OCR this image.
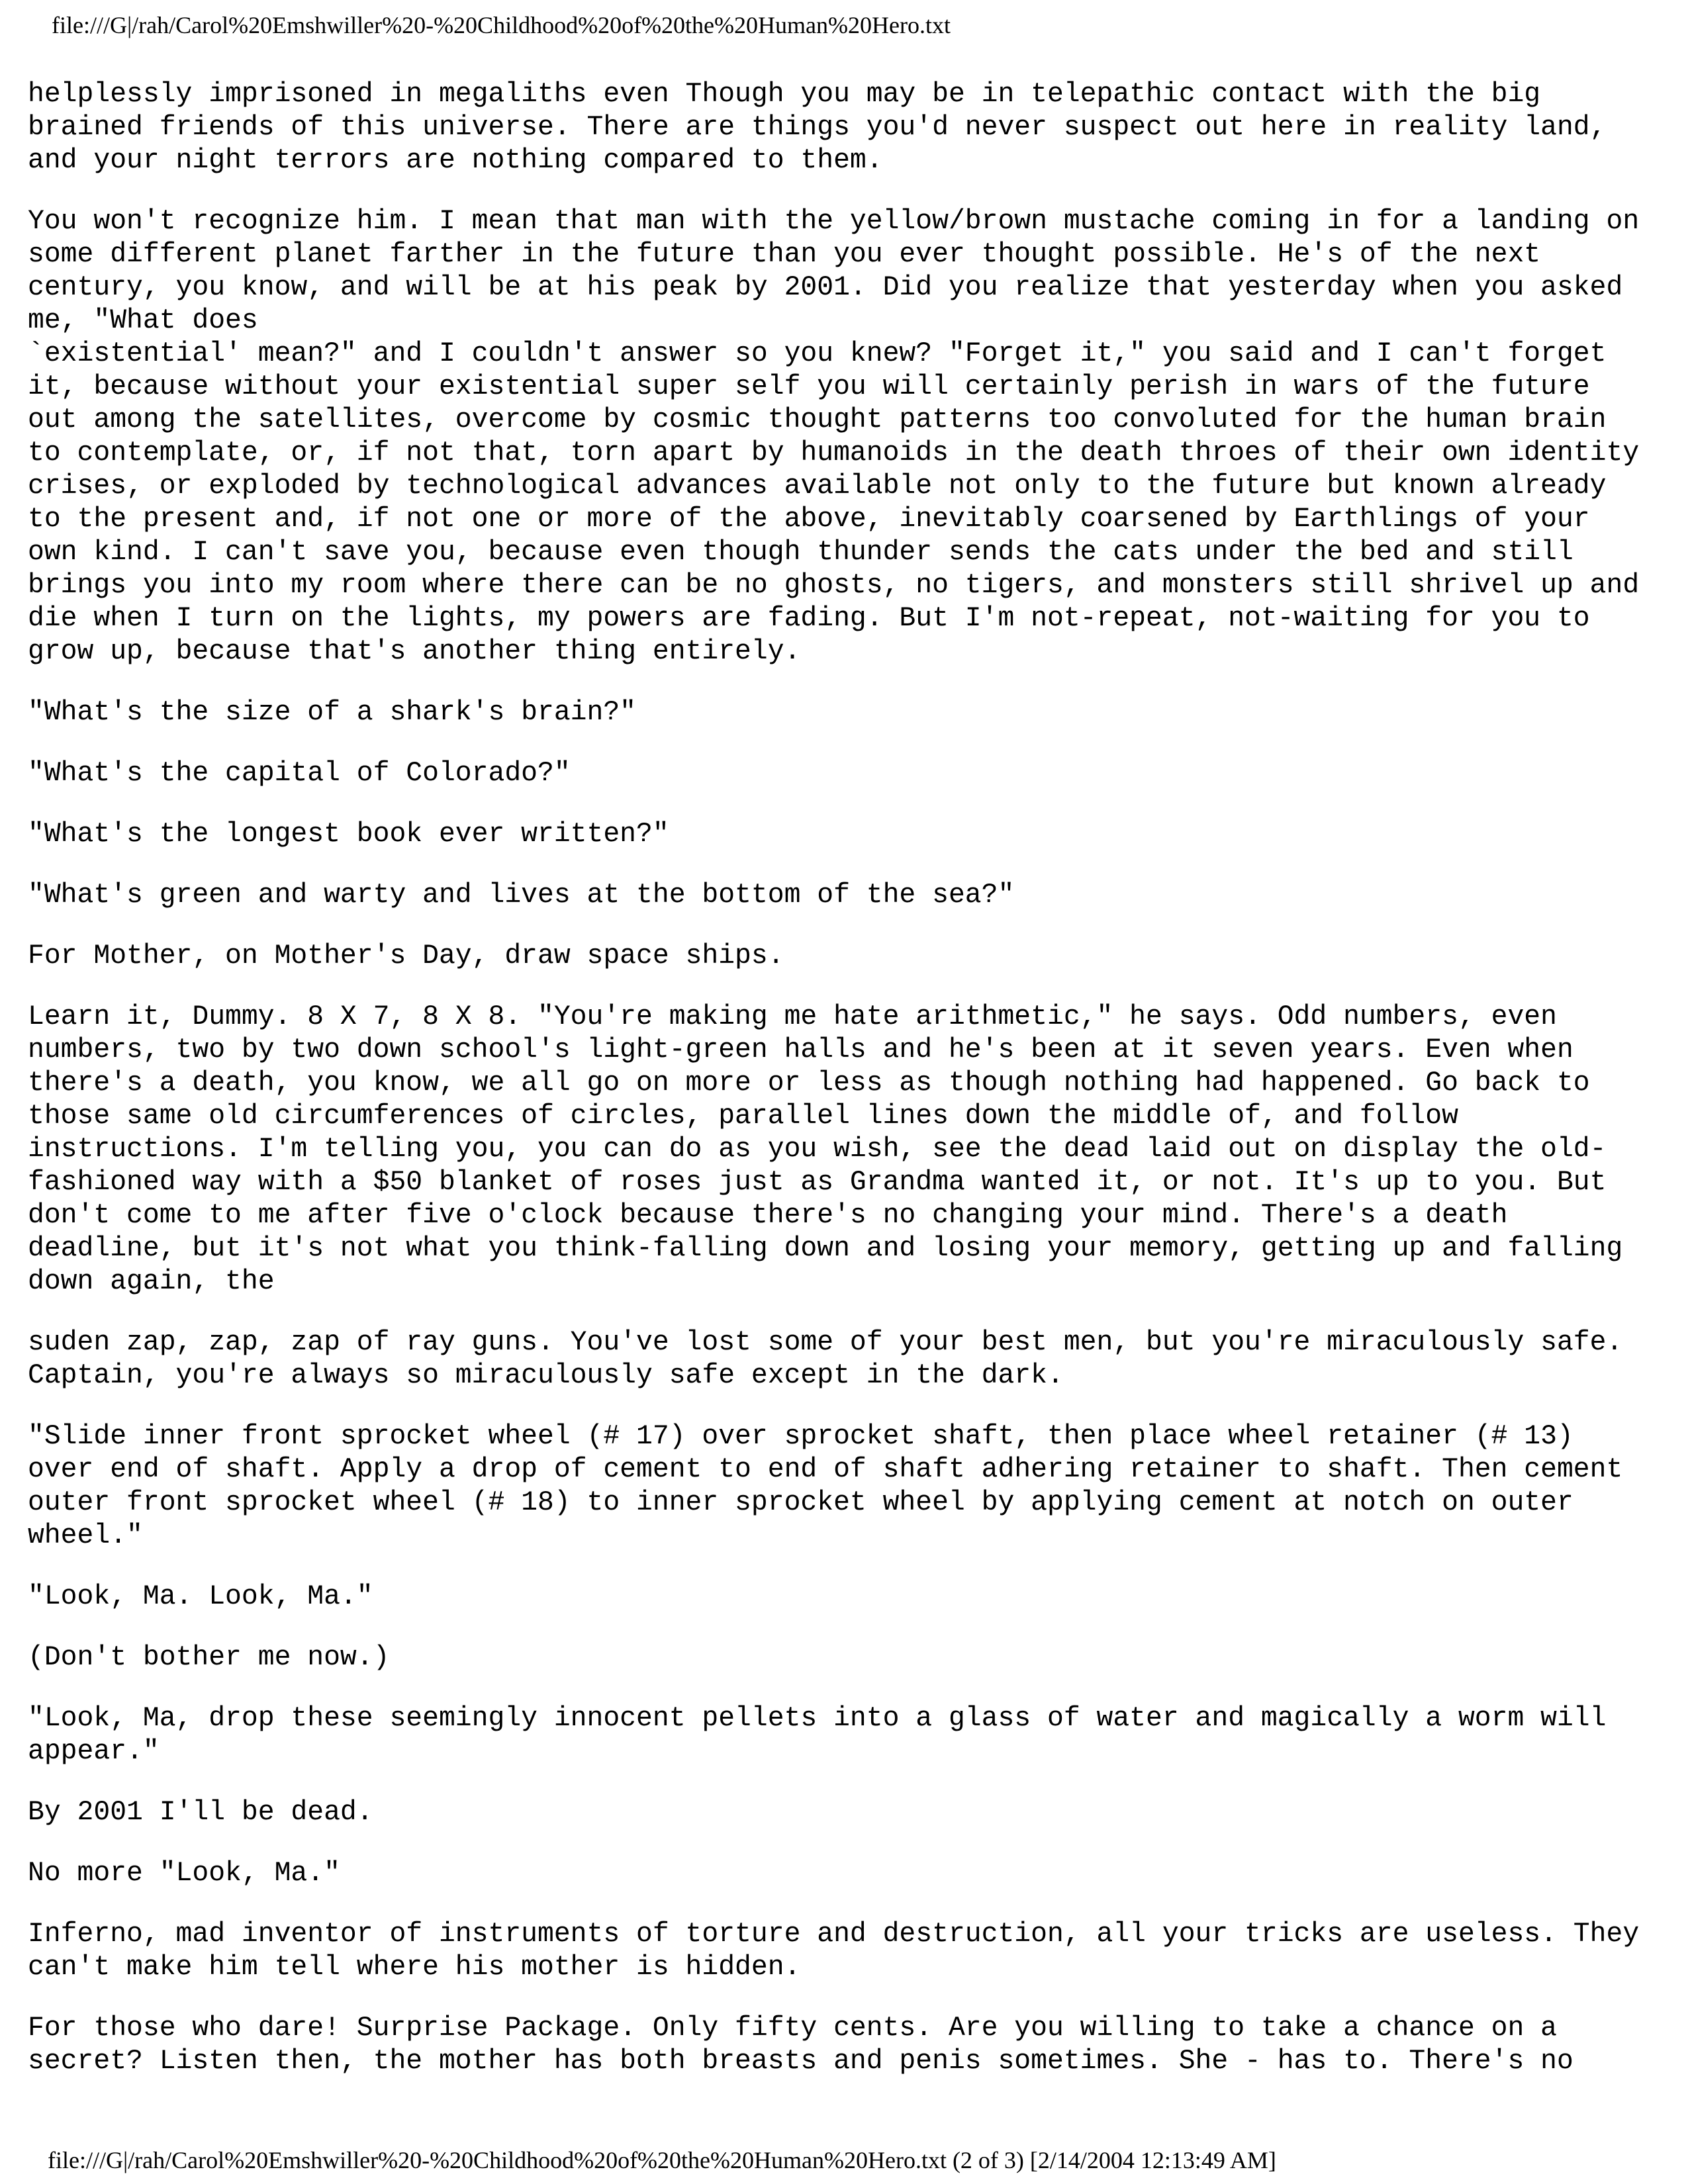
file:///G|/rah/Carol%20Emshwiller%20-%20Childhood%20of%20the%20Human%20Hero.txt
helplessly imprisoned in megaliths even Though you may be in telepathic contact with the big
brained friends of this universe. There are things you'd never suspect out here in reality land,
and your night terrors are nothing compared to them.
You won't recognize him. I mean that man with the yellow/brown mustache coming in for a landing on
some different planet farther in the future than you ever thought possible. He's of the next
century, you know, and will be at his peak by 2001. Did you realize that yesterday when you asked
me, "What does
`existential' mean?" and I couldn't answer so you knew? "Forget it," you said and I can't forget
it, because without your existential super self you will certainly perish in wars of the future
out among the satellites, overcome by cosmic thought patterns too convoluted for the human brain
to contemplate, or, if not that, torn apart by humanoids in the death throes of their own identity
crises, or exploded by technological advances available not only to the future but known already
to the present and, if not one or more of the above, inevitably coarsened by Earthlings of your
own kind. I can't save you, because even though thunder sends the cats under the bed and still
brings you into my room where there can be no ghosts, no tigers, and monsters still shrivel up and
die when I turn on the lights, my powers are fading. But I'm not-repeat, not-waiting for you to
grow up, because that's another thing entirely.
"What's the size of a shark's brain?"
"What's the capital of Colorado?"
"What's the longest book ever written?"
"What's green and warty and lives at the bottom of the sea?"
For Mother, on Mother's Day, draw space ships.
Learn it, Dummy. 8 X 7, 8 X 8. "You're making me hate arithmetic," he says. Odd numbers, even
numbers, two by two down school's light-green halls and he's been at it seven years. Even when
there's a death, you know, we all go on more or less as though nothing had happened. Go back to
those same old circumferences of circles, parallel lines down the middle of, and follow
instructions. I'm telling you, you can do as you wish, see the dead laid out on display the old-
fashioned way with a $50 blanket of roses just as Grandma wanted it, or not. It's up to you. But
don't come to me after five o'clock because there's no changing your mind. There's a death
deadline, but it's not what you think-falling down and losing your memory, getting up and falling
down again, the
suden zap, zap, zap of ray guns. You've lost some of your best men, but you're miraculously safe.
Captain, you're always so miraculously safe except in the dark.
"Slide inner front sprocket wheel (# 17) over sprocket shaft, then place wheel retainer (# 13)
over end of shaft. Apply a drop of cement to end of shaft adhering retainer to shaft. Then cement
outer front sprocket wheel (# 18) to inner sprocket wheel by applying cement at notch on outer
wheel."
"Look, Ma. Look, Ma."
(Don't bother me now.)
"Look, Ma, drop these seemingly innocent pellets into a glass of water and magically a worm will
appear."
By 2001 I'll be dead.
No more "Look, Ma."
Inferno, mad inventor of instruments of torture and destruction, all your tricks are useless. They
can't make him tell where his mother is hidden.
For those who dare! Surprise Package. Only fifty cents. Are you willing to take a chance on a
secret? Listen then, the mother has both breasts and penis sometimes. She - has to. There's no
file:///G|/rah/Carol%20Emshwiller%20-%20Childhood%20of%20the%20Human%20Hero.txt (2 of 3) [2/14/2004 12:13:49 AM]
